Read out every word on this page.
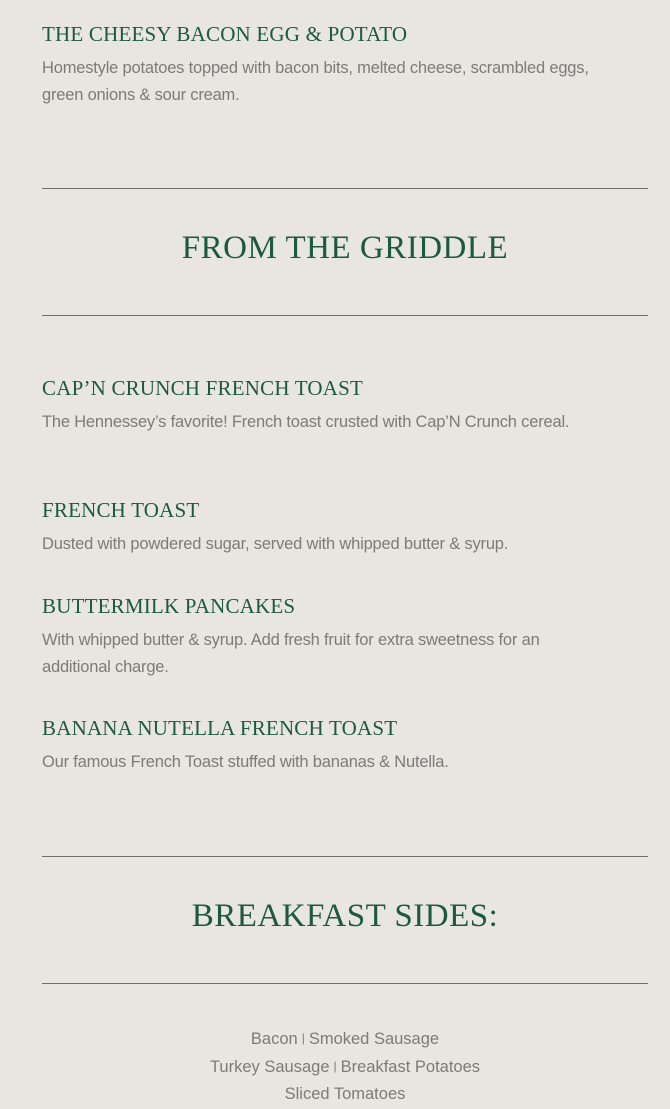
THE CHEESY BACON EGG & POTATO

Homestyle potatoes topped with bacon bits, melted cheese, scrambled eggs, green onions & sour cream.

FROM THE GRIDDLE
CAP’N CRUNCH FRENCH TOAST

The Hennessey’s favorite! French toast crusted with Cap’N Crunch cereal.

FRENCH TOAST

Dusted with powdered sugar, served with whipped butter & syrup.

BUTTERMILK PANCAKES

With whipped butter & syrup. Add fresh fruit for extra sweetness for an additional charge.

BANANA NUTELLA FRENCH TOAST

Our famous French Toast stuffed with bananas & Nutella.

BREAKFAST SIDES:
Bacon | Smoked Sausage
Turkey Sausage | Breakfast Potatoes
Sliced Tomatoes
